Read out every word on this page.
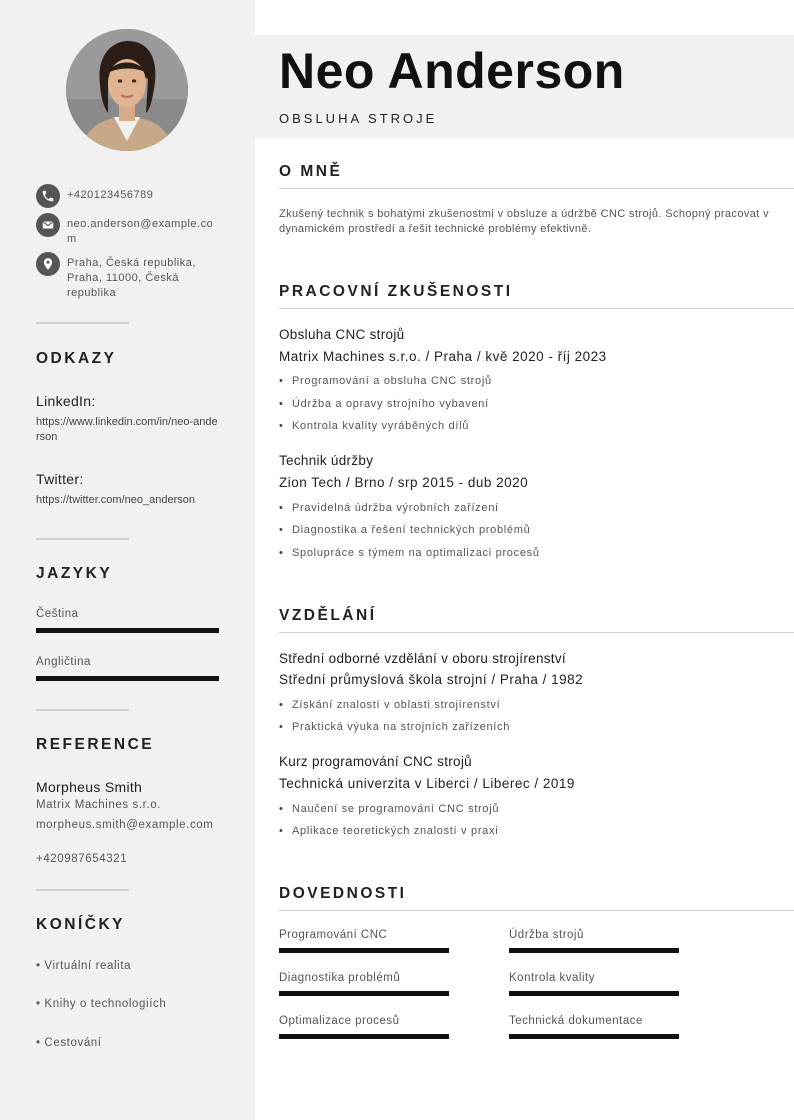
+420123456789
neo.anderson@example.com
Praha, Česká republika, Praha, 11000, Česká republika
ODKAZY
LinkedIn:
https://www.linkedin.com/in/neo-anderson
Twitter:
https://twitter.com/neo_anderson
JAZYKY
Čeština
Angličtina
REFERENCE
Morpheus Smith
Matrix Machines s.r.o.
morpheus.smith@example.com
+420987654321
KONÍČKY
• Virtuální realita
• Knihy o technologiích
• Cestování
Neo Anderson
OBSLUHA STROJE
O MNĚ
Zkušený technik s bohatými zkušenostmi v obsluze a údržbě CNC strojů. Schopný pracovat v dynamickém prostředí a řešit technické problémy efektivně.
PRACOVNÍ ZKUŠENOSTI
Obsluha CNC strojů
Matrix Machines s.r.o. / Praha / kvě 2020 - říj 2023
• Programování a obsluha CNC strojů
• Údržba a opravy strojního vybavení
• Kontrola kvality vyráběných dílů
Technik údržby
Zion Tech / Brno / srp 2015 - dub 2020
• Pravidelná údržba výrobních zařízení
• Diagnostika a řešení technických problémů
• Spolupráce s týmem na optimalizaci procesů
VZDĚLÁNÍ
Střední odborné vzdělání v oboru strojírenství
Střední průmyslová škola strojní / Praha / 1982
• Získání znalostí v oblasti strojírenství
• Praktická výuka na strojních zařízeních
Kurz programování CNC strojů
Technická univerzita v Liberci / Liberec / 2019
• Naučení se programování CNC strojů
• Aplikace teoretických znalostí v praxi
DOVEDNOSTI
Programování CNC	Údržba strojů
Diagnostika problémů	Kontrola kvality
Optimalizace procesů	Technická dokumentace
